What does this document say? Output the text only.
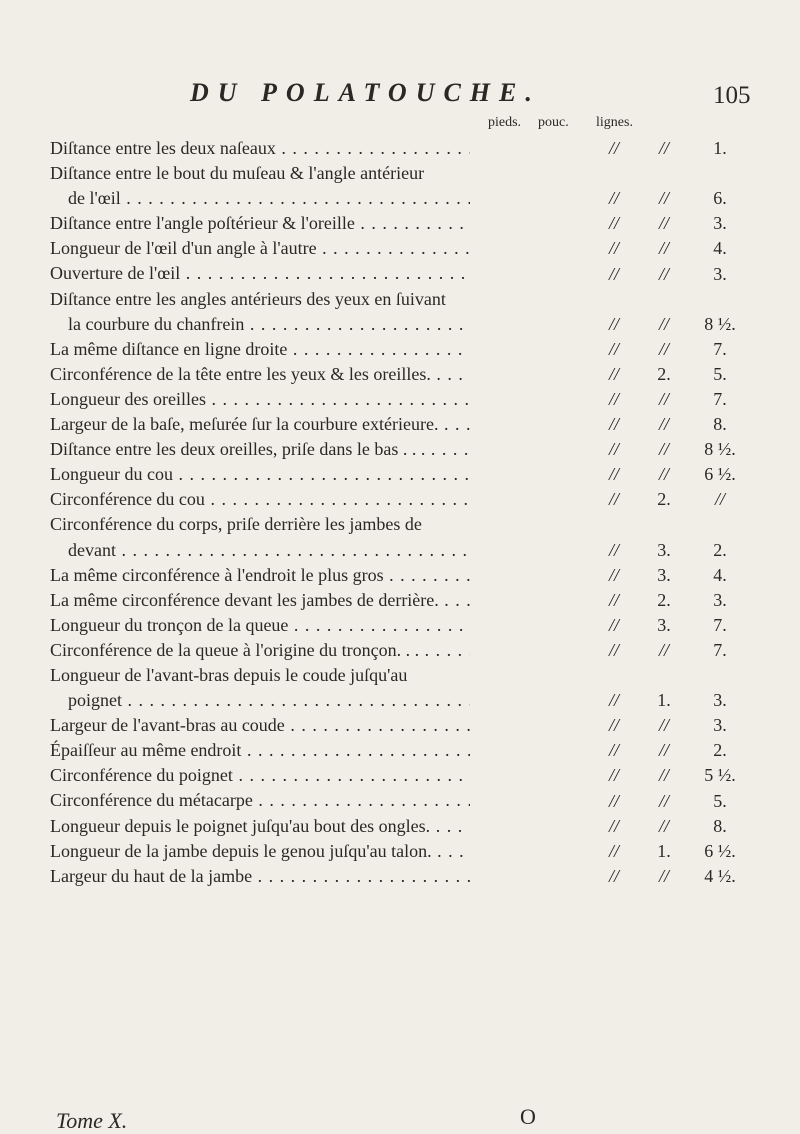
DU POLATOUCHE.	105
pieds. pouc. lignes.
Diſtance entre les deux naſeaux . . .	//	//	1.
Diſtance entre le bout du muſeau & l'angle antérieur
de l'œil . . .	//	//	6.
Diſtance entre l'angle poſtérieur & l'oreille . . .	//	//	3.
Longueur de l'œil d'un angle à l'autre . . .	//	//	4.
Ouverture de l'œil . . .	//	//	3.
Diſtance entre les angles antérieurs des yeux en ſuivant
la courbure du chanfrein . . .	//	//	8 ½.
La même diſtance en ligne droite . . .	//	//	7.
Circonférence de la tête entre les yeux & les oreilles. . . .	//	2.	5.
Longueur des oreilles . . .	//	//	7.
Largeur de la baſe, meſurée ſur la courbure extérieure. . . .	//	//	8.
Diſtance entre les deux oreilles, priſe dans le bas . . . . . .	//	//	8 ½.
Longueur du cou . . .	//	//	6 ½.
Circonférence du cou . . .	//	2.	//
Circonférence du corps, priſe derrière les jambes de
devant . . .	//	3.	2.
La même circonférence à l'endroit le plus gros . . .	//	3.	4.
La même circonférence devant les jambes de derrière. . . .	//	2.	3.
Longueur du tronçon de la queue . . .	//	3.	7.
Circonférence de la queue à l'origine du tronçon. . . . . .	//	//	7.
Longueur de l'avant-bras depuis le coude juſqu'au
poignet . . .	//	1.	3.
Largeur de l'avant-bras au coude . . .	//	//	3.
Épaiſſeur au même endroit . . .	//	//	2.
Circonférence du poignet . . .	//	//	5 ½.
Circonférence du métacarpe . . .	//	//	5.
Longueur depuis le poignet juſqu'au bout des ongles. . . .	//	//	8.
Longueur de la jambe depuis le genou juſqu'au talon. . . .	//	1.	6 ½.
Largeur du haut de la jambe . . .	//	//	4 ½.
Tome X.	O
